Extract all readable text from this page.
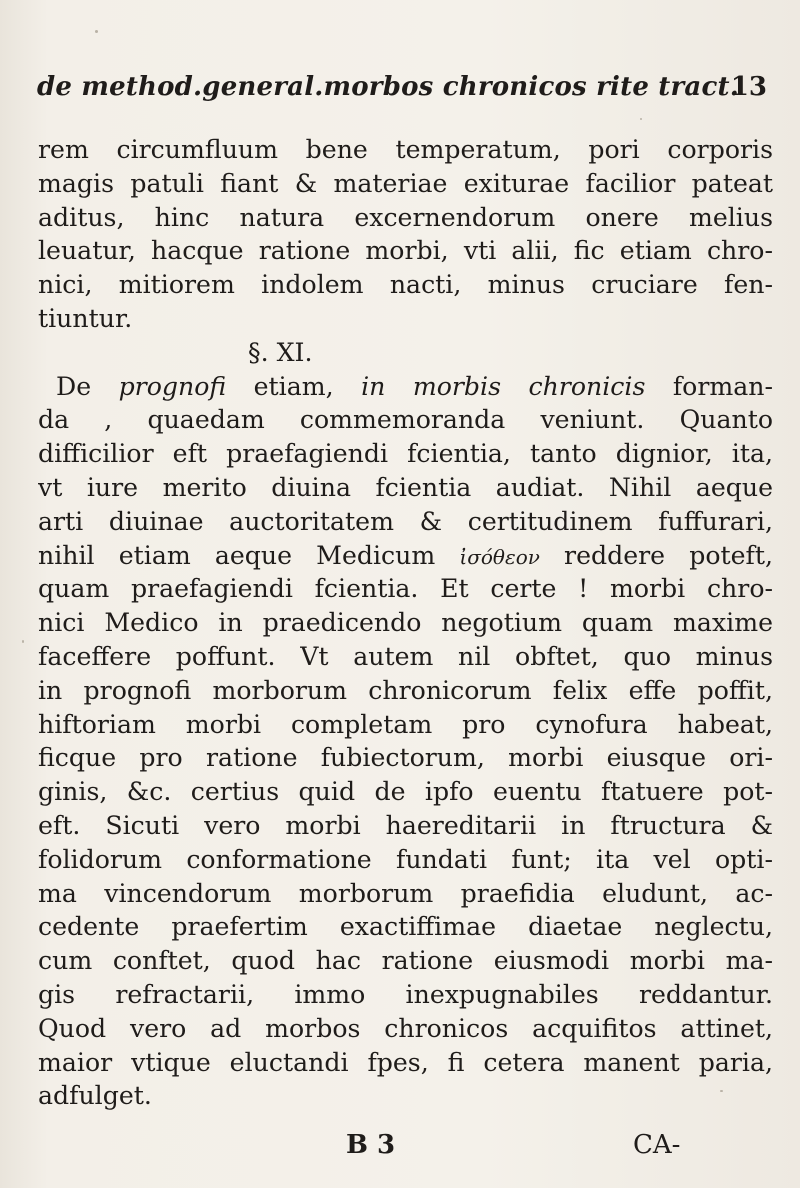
de method.general.morbos chronicos rite tract.
13
rem circumfluum bene temperatum, pori corporis
magis patuli fiant & materiae exiturae facilior pateat
aditus, hinc natura excernendorum onere melius
leuatur, hacque ratione morbi, vti alii, fic etiam chro-
nici, mitiorem indolem nacti, minus cruciare fen-
tiuntur.
§. XI.
De prognofi etiam, in morbis chronicis forman-
da , quaedam commemoranda veniunt. Quanto
difficilior eft praefagiendi fcientia, tanto dignior, ita,
vt iure merito diuina fcientia audiat. Nihil aeque
arti diuinae auctoritatem & certitudinem fuffurari,
nihil etiam aeque Medicum ἰσόθεον reddere poteft,
quam praefagiendi fcientia. Et certe ! morbi chro-
nici Medico in praedicendo negotium quam maxime
faceffere poffunt. Vt autem nil obftet, quo minus
in prognofi morborum chronicorum felix effe poffit,
hiftoriam morbi completam pro cynofura habeat,
ficque pro ratione fubiectorum, morbi eiusque ori-
ginis, &c. certius quid de ipfo euentu ftatuere pot-
eft. Sicuti vero morbi haereditarii in ftructura &
folidorum conformatione fundati funt; ita vel opti-
ma vincendorum morborum praefidia eludunt, ac-
cedente praefertim exactiffimae diaetae neglectu,
cum conftet, quod hac ratione eiusmodi morbi ma-
gis refractarii, immo inexpugnabiles reddantur.
Quod vero ad morbos chronicos acquifitos attinet,
maior vtique eluctandi fpes, fi cetera manent paria,
adfulget.
B 3	CA-
